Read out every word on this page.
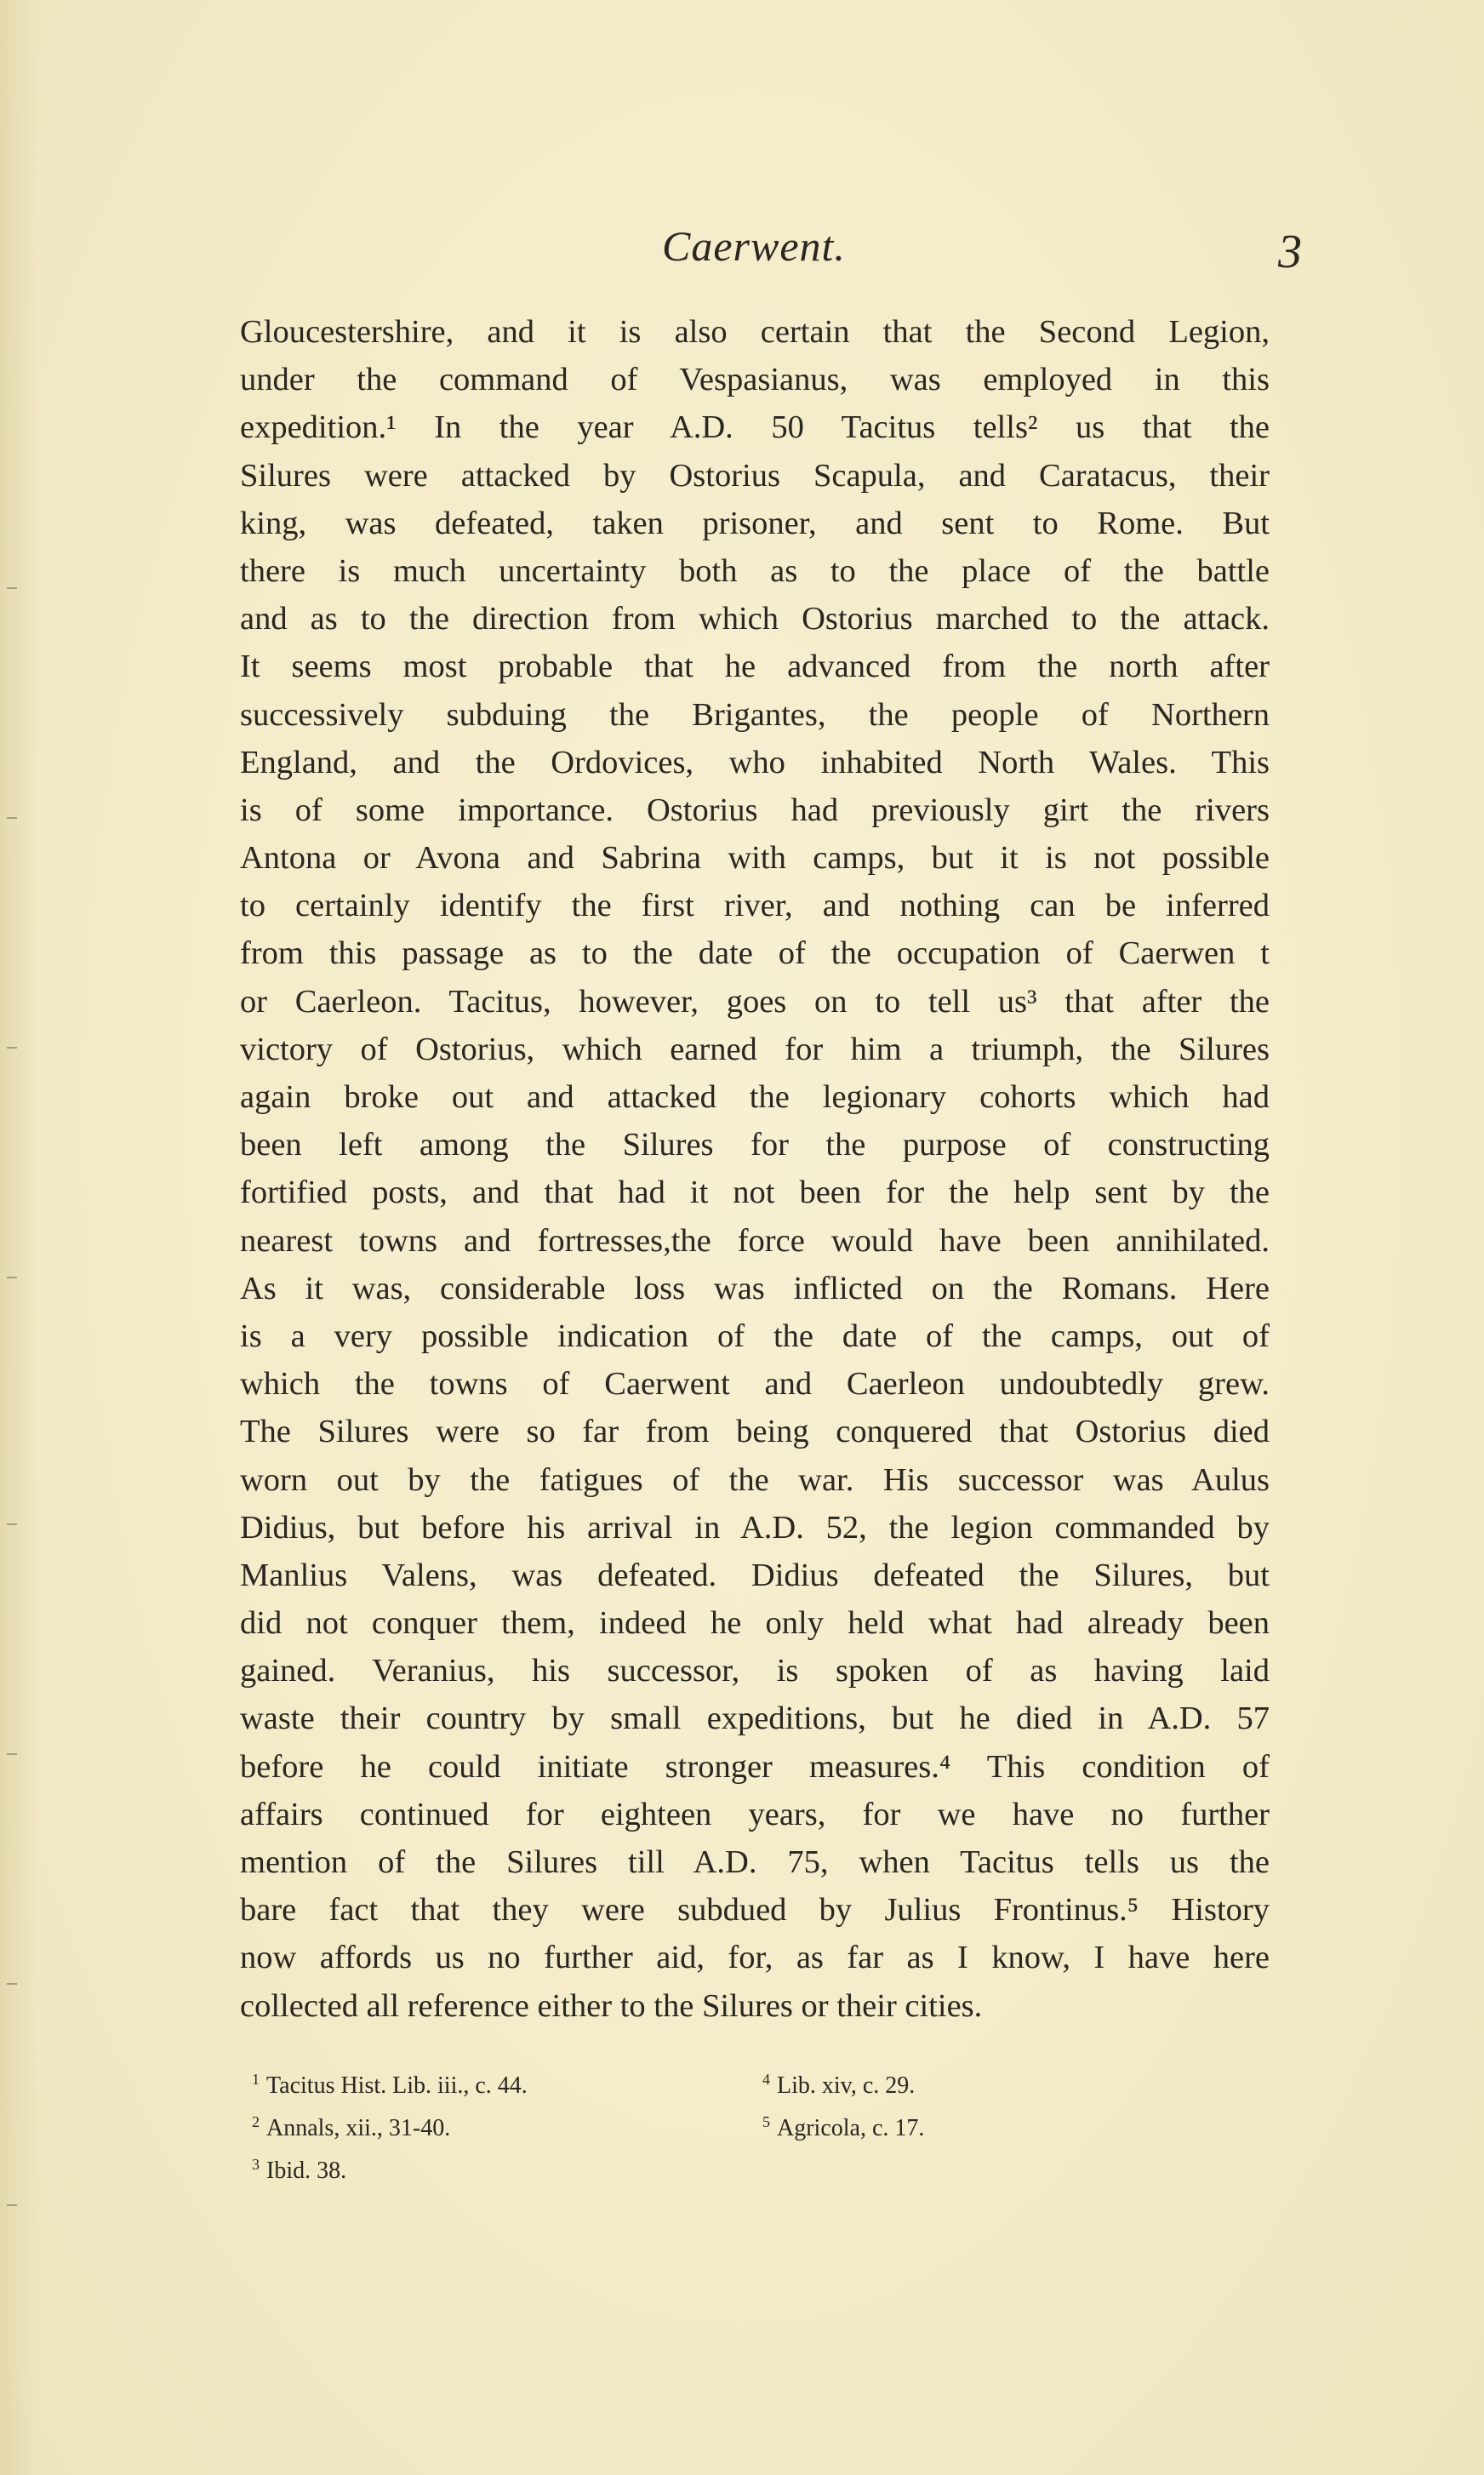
Caerwent.	3
Gloucestershire, and it is also certain that the Second Legion,
under the command of Vespasianus, was employed in this
expedition.¹ In the year A.D. 50 Tacitus tells² us that the
Silures were attacked by Ostorius Scapula, and Caratacus, their
king, was defeated, taken prisoner, and sent to Rome. But
there is much uncertainty both as to the place of the battle
and as to the direction from which Ostorius marched to the attack.
It seems most probable that he advanced from the north after
successively subduing the Brigantes, the people of Northern
England, and the Ordovices, who inhabited North Wales. This
is of some importance. Ostorius had previously girt the rivers
Antona or Avona and Sabrina with camps, but it is not possible
to certainly identify the first river, and nothing can be inferred
from this passage as to the date of the occupation of Caerwen t
or Caerleon. Tacitus, however, goes on to tell us³ that after the
victory of Ostorius, which earned for him a triumph, the Silures
again broke out and attacked the legionary cohorts which had
been left among the Silures for the purpose of constructing
fortified posts, and that had it not been for the help sent by the
nearest towns and fortresses,the force would have been annihilated.
As it was, considerable loss was inflicted on the Romans. Here
is a very possible indication of the date of the camps, out of
which the towns of Caerwent and Caerleon undoubtedly grew.
The Silures were so far from being conquered that Ostorius died
worn out by the fatigues of the war. His successor was Aulus
Didius, but before his arrival in A.D. 52, the legion commanded by
Manlius Valens, was defeated. Didius defeated the Silures, but
did not conquer them, indeed he only held what had already been
gained. Veranius, his successor, is spoken of as having laid
waste their country by small expeditions, but he died in A.D. 57
before he could initiate stronger measures.⁴ This condition of
affairs continued for eighteen years, for we have no further
mention of the Silures till A.D. 75, when Tacitus tells us the
bare fact that they were subdued by Julius Frontinus.⁵ History
now affords us no further aid, for, as far as I know, I have here
collected all reference either to the Silures or their cities.
$^1$ Tacitus Hist. Lib. iii., c. 44.
$^2$ Annals, xii., 31-40.
$^3$ Ibid. 38.
$^4$ Lib. xiv, c. 29.
$^5$ Agricola, c. 17.
